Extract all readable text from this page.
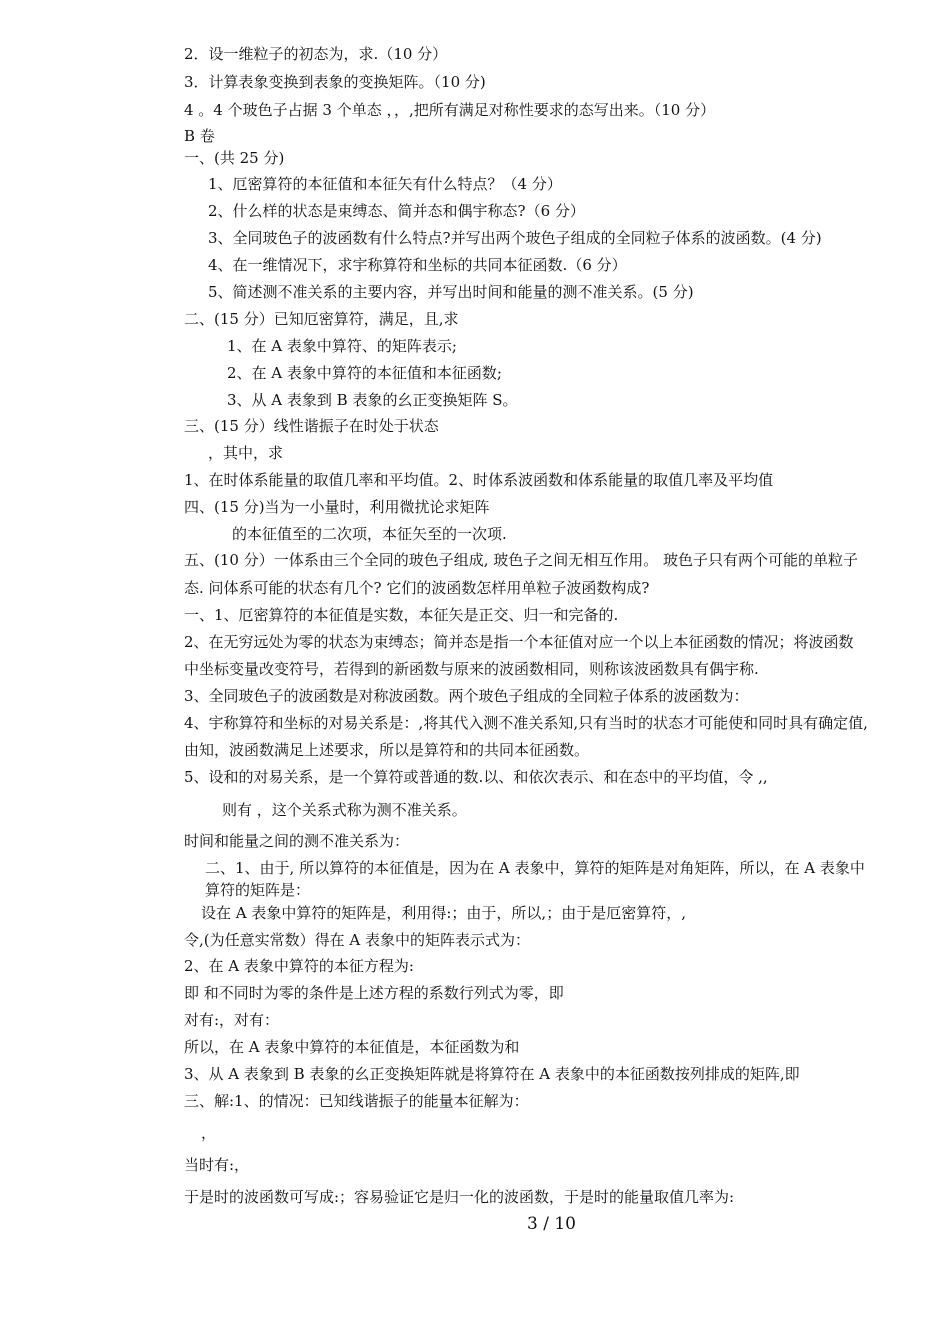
2．设一维粒子的初态为，求.（10 分）
3．计算表象变换到表象的变换矩阵。（10 分)
4 。4 个玻色子占据 3 个单态 ，，,把所有满足对称性要求的态写出来。（10 分）
B 卷
一、(共 25 分)
1、厄密算符的本征值和本征矢有什么特点？（4 分）
2、什么样的状态是束缚态、简并态和偶宇称态?（6 分）
3、全同玻色子的波函数有什么特点?并写出两个玻色子组成的全同粒子体系的波函数。(4 分)
4、在一维情况下，求宇称算符和坐标的共同本征函数.（6 分）
5、简述测不准关系的主要内容，并写出时间和能量的测不准关系。(5 分)
二、(15 分）已知厄密算符，满足，且,求
1、在 A 表象中算符、的矩阵表示;
2、在 A 表象中算符的本征值和本征函数;
3、从 A 表象到 B 表象的幺正变换矩阵 S。
三、(15 分）线性谐振子在时处于状态
，其中，求
1、在时体系能量的取值几率和平均值。2、时体系波函数和体系能量的取值几率及平均值
四、(15 分)当为一小量时，利用微扰论求矩阵
的本征值至的二次项，本征矢至的一次项.
五、(10 分）一体系由三个全同的玻色子组成, 玻色子之间无相互作用。 玻色子只有两个可能的单粒子
态. 问体系可能的状态有几个? 它们的波函数怎样用单粒子波函数构成?
一、1、厄密算符的本征值是实数，本征矢是正交、归一和完备的.
2、在无穷远处为零的状态为束缚态；简并态是指一个本征值对应一个以上本征函数的情况；将波函数
中坐标变量改变符号，若得到的新函数与原来的波函数相同，则称该波函数具有偶宇称.
3、全同玻色子的波函数是对称波函数。两个玻色子组成的全同粒子体系的波函数为：
4、宇称算符和坐标的对易关系是：,将其代入测不准关系知,只有当时的状态才可能使和同时具有确定值,
由知，波函数满足上述要求，所以是算符和的共同本征函数。
5、设和的对易关系，是一个算符或普通的数.以、和依次表示、和在态中的平均值，令 ,,
则有 ，这个关系式称为测不准关系。
时间和能量之间的测不准关系为：
二、1、由于, 所以算符的本征值是，因为在 A 表象中，算符的矩阵是对角矩阵，所以，在 A 表象中
算符的矩阵是：
设在 A 表象中算符的矩阵是，利用得:；由于，所以,；由于是厄密算符，,
令,(为任意实常数）得在 A 表象中的矩阵表示式为：
2、在 A 表象中算符的本征方程为:
即 和不同时为零的条件是上述方程的系数行列式为零，即
对有:，对有：
所以，在 A 表象中算符的本征值是，本征函数为和
3、从 A 表象到 B 表象的幺正变换矩阵就是将算符在 A 表象中的本征函数按列排成的矩阵,即
三、解:1、的情况：已知线谐振子的能量本征解为：
，
当时有:，
于是时的波函数可写成:；容易验证它是归一化的波函数，于是时的能量取值几率为:
3 / 10
